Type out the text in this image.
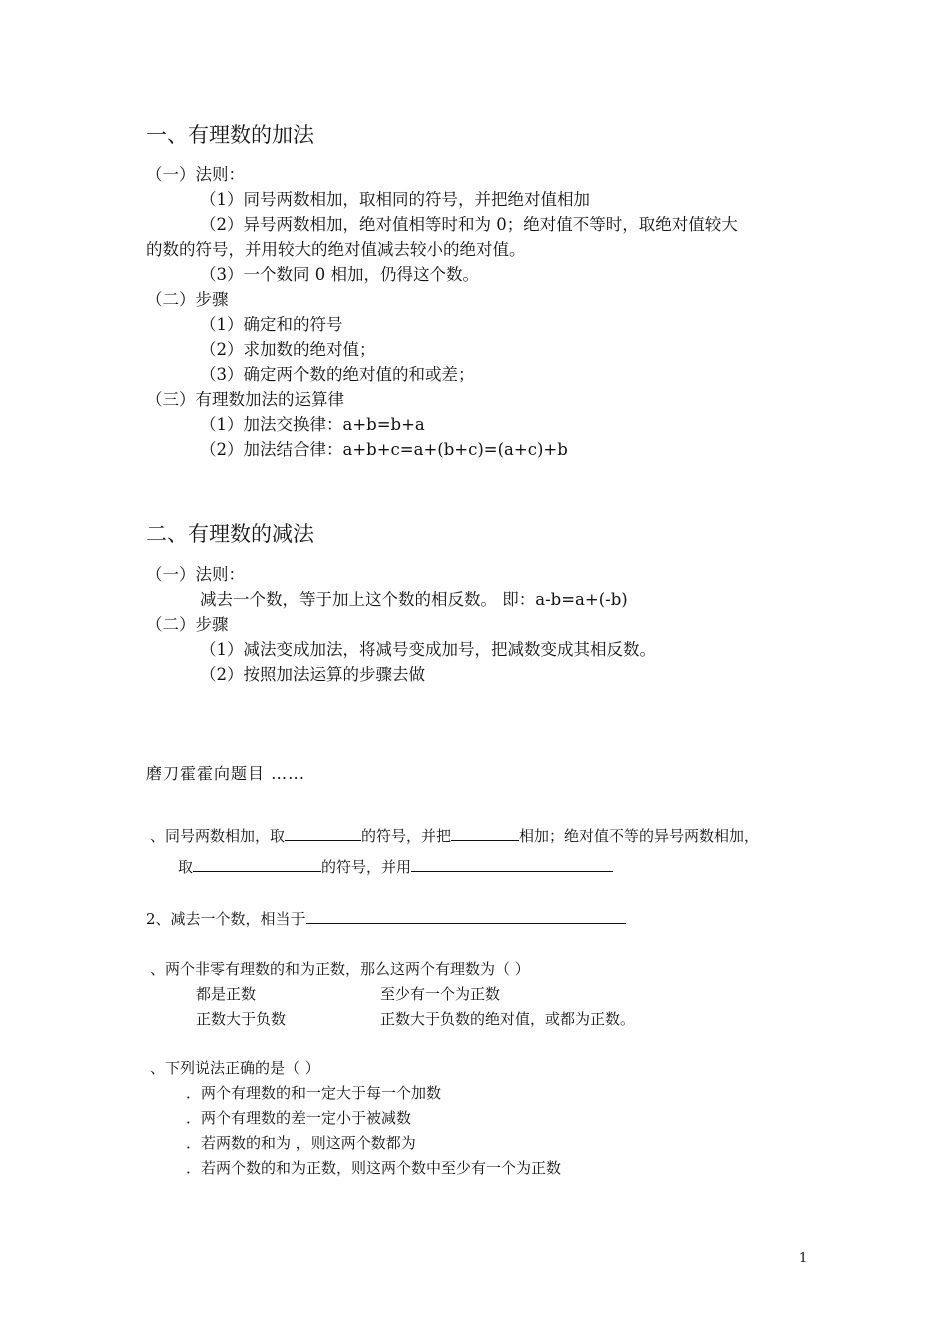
一、有理数的加法
（一）法则：
（1）同号两数相加，取相同的符号，并把绝对值相加
（2）异号两数相加，绝对值相等时和为 0；绝对值不等时，取绝对值较大
的数的符号，并用较大的绝对值减去较小的绝对值。
（3）一个数同 0 相加，仍得这个数。
（二）步骤
（1）确定和的符号
（2）求加数的绝对值；
（3）确定两个数的绝对值的和或差；
（三）有理数加法的运算律
（1）加法交换律：a+b=b+a
（2）加法结合律：a+b+c=a+(b+c)=(a+c)+b
二、有理数的减法
（一）法则：
减去一个数，等于加上这个数的相反数。 即：a-b=a+(-b)
（二）步骤
（1）减法变成加法，将减号变成加号，把减数变成其相反数。
（2）按照加法运算的步骤去做
磨刀霍霍向题目 ……
、同号两数相加，取	的符号，并把	相加；绝对值不等的异号两数相加，
取	的符号，并用
2、减去一个数，相当于
、两个非零有理数的和为正数，那么这两个有理数为（ ）
都是正数	至少有一个为正数
正数大于负数	正数大于负数的绝对值，或都为正数。
、下列说法正确的是（ ）
．两个有理数的和一定大于每一个加数
．两个有理数的差一定小于被减数
．若两数的和为 ，则这两个数都为
．若两个数的和为正数，则这两个数中至少有一个为正数
1
